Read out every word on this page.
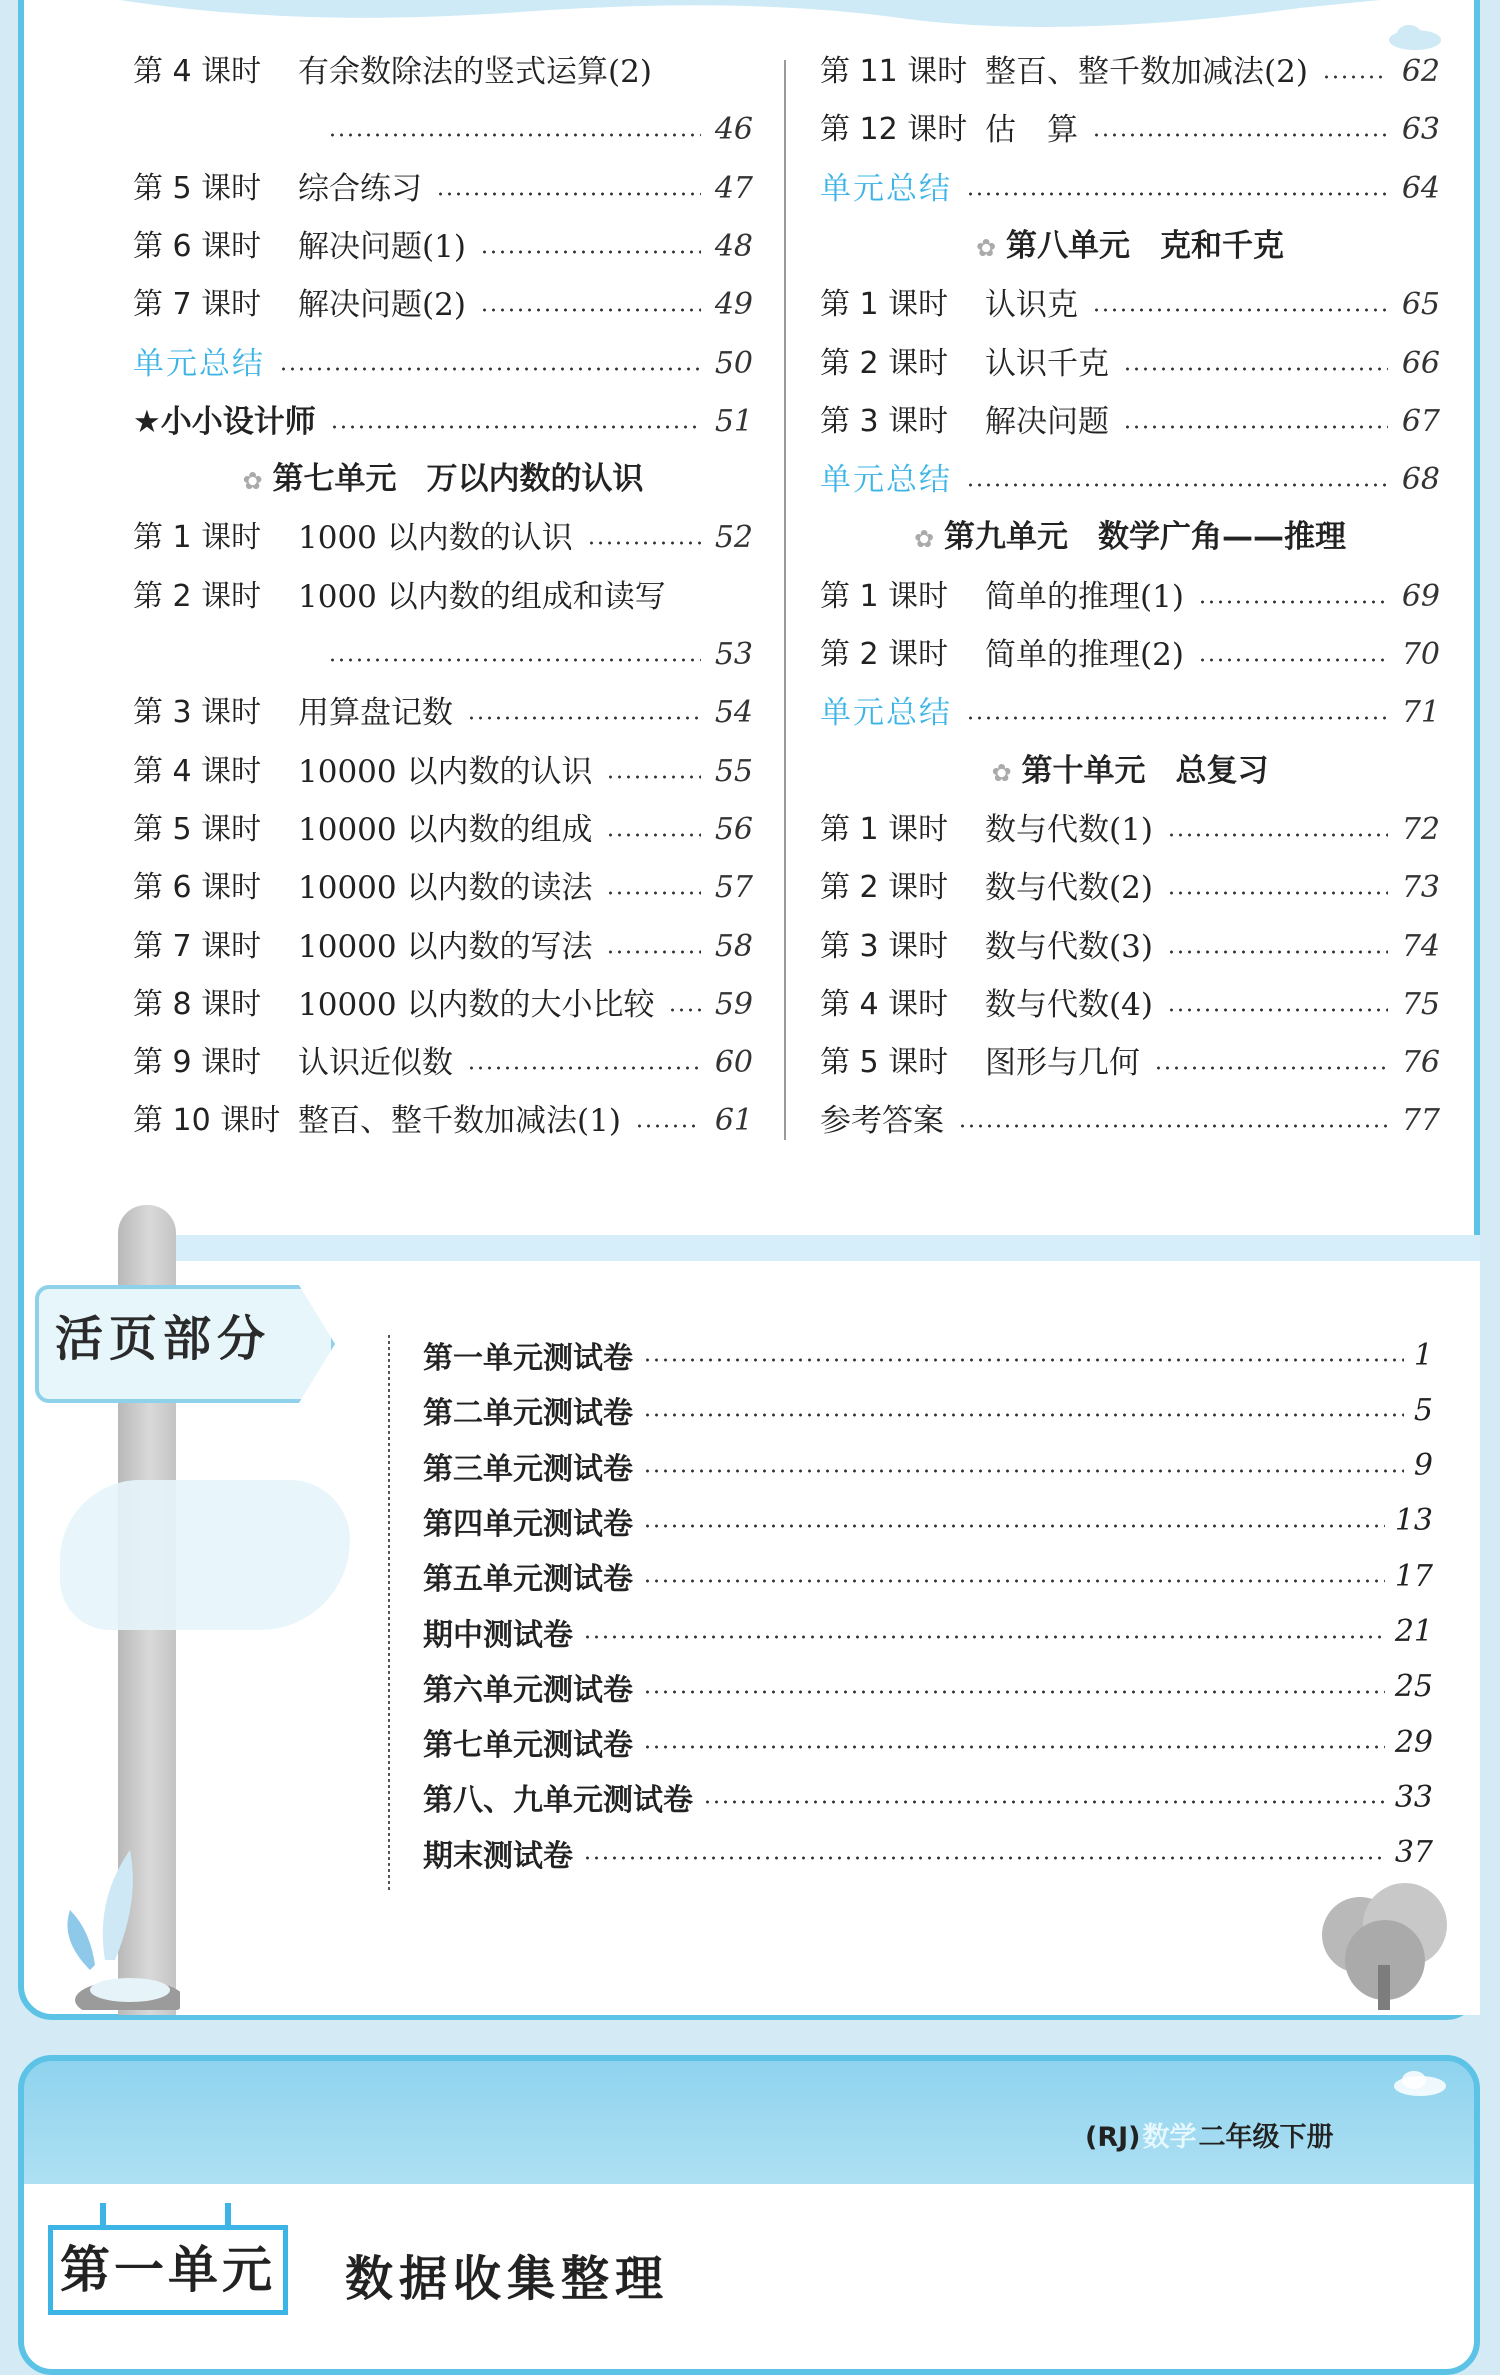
第 4 课时	有余数除法的竖式运算(2)
46
第 5 课时	综合练习	47
第 6 课时	解决问题(1)	48
第 7 课时	解决问题(2)	49
单元总结	50
★小小设计师	51
✿ 第七单元 万以内数的认识
第 1 课时	1000 以内数的认识	52
第 2 课时	1000 以内数的组成和读写
53
第 3 课时	用算盘记数	54
第 4 课时	10000 以内数的认识	55
第 5 课时	10000 以内数的组成	56
第 6 课时	10000 以内数的读法	57
第 7 课时	10000 以内数的写法	58
第 8 课时	10000 以内数的大小比较 59
第 9 课时	认识近似数	60
第 10 课时 整百、整千数加减法(1)	61
第 11 课时 整百、整千数加减法(2)	62
第 12 课时 估　算	63
单元总结	64
✿ 第八单元 克和千克
第 1 课时	认识克	65
第 2 课时	认识千克	66
第 3 课时	解决问题	67
单元总结	68
✿ 第九单元 数学广角——推理
第 1 课时	简单的推理(1)	69
第 2 课时	简单的推理(2)	70
单元总结	71
✿ 第十单元 总复习
第 1 课时	数与代数(1)	72
第 2 课时	数与代数(2)	73
第 3 课时	数与代数(3)	74
第 4 课时	数与代数(4)	75
第 5 课时	图形与几何	76
参考答案	77
活页部分	第一单元测试卷	1
第二单元测试卷	5
第三单元测试卷	9
第四单元测试卷	13
第五单元测试卷	17
期中测试卷	21
第六单元测试卷	25
第七单元测试卷	29
第八、九单元测试卷	33
期末测试卷	37
(RJ)数学二年级下册
第一单元 数据收集整理
